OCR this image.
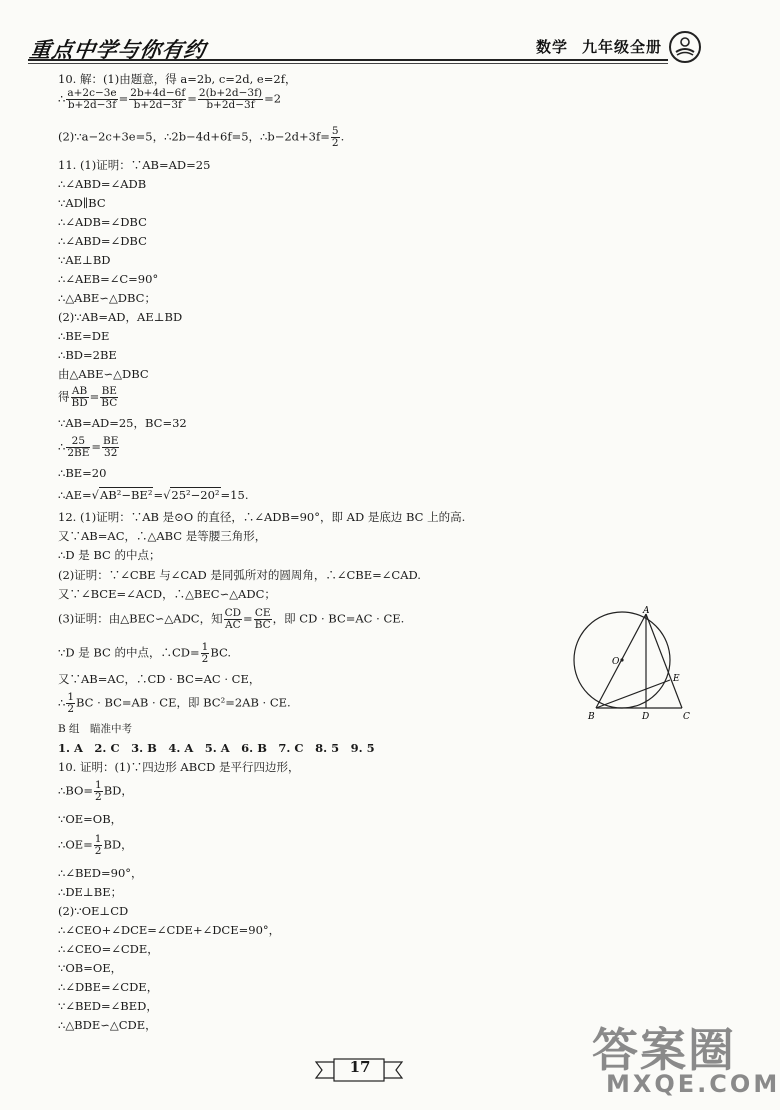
重点中学与你有约	数学 九年级全册
10. 解：(1)由题意，得 a=2b, c=2d, e=2f，
∴ $\frac{a+2c-3e}{b+2d-3f} = \frac{2b+4d-6f}{b+2d-3f} = \frac{2(b+2d-3f)}{b+2d-3f} =2$
(2)∵a−2c+3e=5，∴2b−4d+6f=5，∴b−2d+3f= $\frac{5}{2}$ .
11. (1)证明：∵AB=AD=25
∴∠ABD=∠ADB
∵AD∥BC
∴∠ADB=∠DBC
∴∠ABD=∠DBC
∵AE⊥BD
∴∠AEB=∠C=90°
∴△ABE∽△DBC；
(2)∵AB=AD，AE⊥BD
∴BE=DE
∴BD=2BE
由△ABE∽△DBC
得 $\frac{AB}{BD} = \frac{BE}{BC}$
∵AB=AD=25，BC=32
∴ $\frac{25}{2BE} = \frac{BE}{32}$
∴BE=20
∴AE=√AB²−BE²=√25²−20²=15.
12. (1)证明：∵AB 是⊙O 的直径，∴∠ADB=90°，即 AD 是底边 BC 上的高.
又∵AB=AC，∴△ABC 是等腰三角形，
∴D 是 BC 的中点；
(2)证明：∵∠CBE 与∠CAD 是同弧所对的圆周角，∴∠CBE=∠CAD.
又∵∠BCE=∠ACD，∴△BEC∽△ADC；
(3)证明：由△BEC∽△ADC，知 $\frac{CD}{AC} = \frac{CE}{BC}$ ，即 CD · BC=AC · CE.
∵D 是 BC 的中点，∴CD= $\frac{1}{2}$ BC.
又∵AB=AC，∴CD · BC=AC · CE，
∴ $\frac{1}{2}$ BC · BC=AB · CE，即 BC²=2AB · CE.
B 组　瞄准中考
1. A　2. C　3. B　4. A　5. A　6. B　7. C　8. 5　9. 5
10. 证明：(1)∵四边形 ABCD 是平行四边形，
∴BO= $\frac{1}{2}$ BD，
∵OE=OB，
∴OE= $\frac{1}{2}$ BD，
∴∠BED=90°，
∴DE⊥BE；
(2)∵OE⊥CD
∴∠CEO+∠DCE=∠CDE+∠DCE=90°，
∴∠CEO=∠CDE，
∵OB=OE，
∴∠DBE=∠CDE，
∵∠BED=∠BED，
∴△BDE∽△CDE，
A
O
E
B	D	C
17	答案圈
MXQE.COM
